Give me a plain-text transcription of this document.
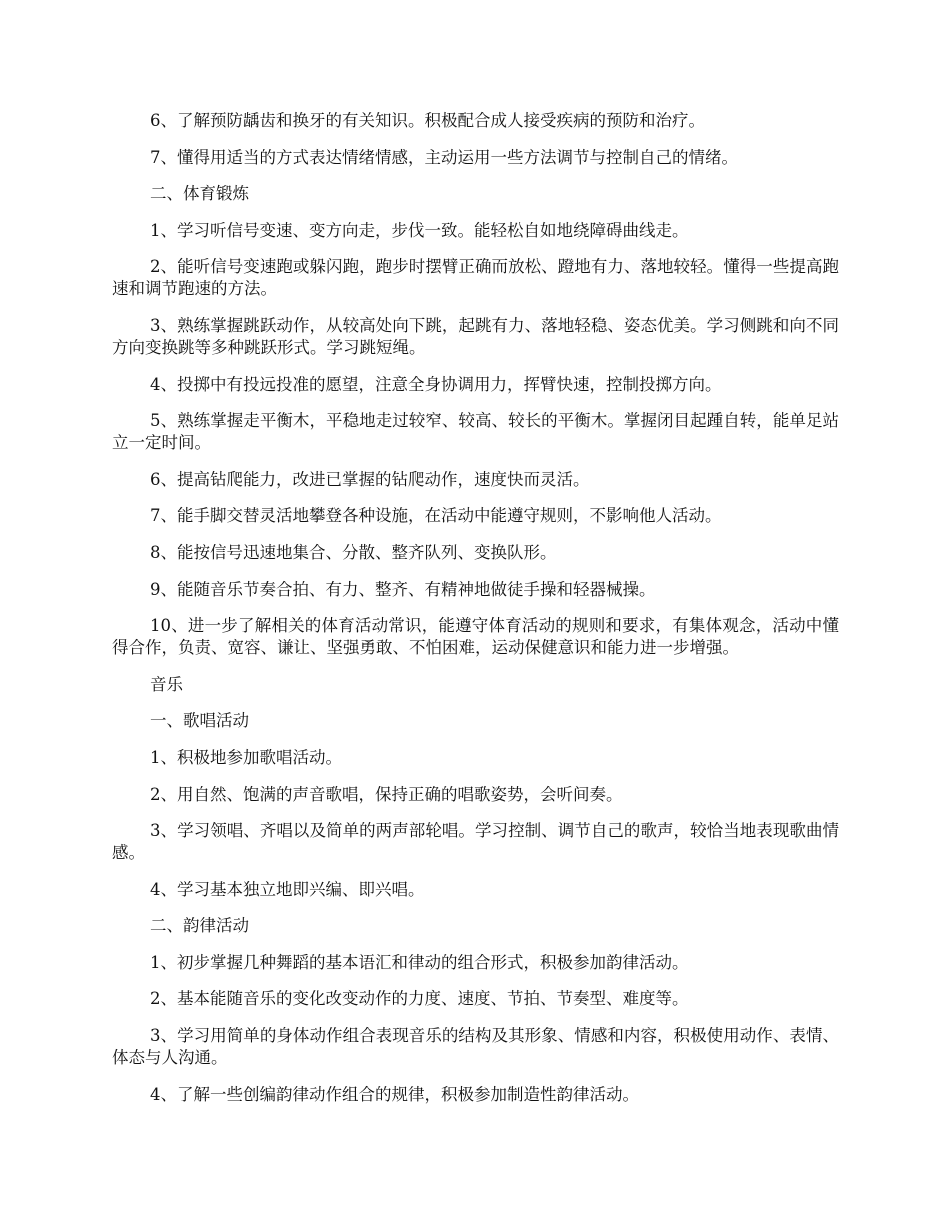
6、了解预防龋齿和换牙的有关知识。积极配合成人接受疾病的预防和治疗。

7、懂得用适当的方式表达情绪情感，主动运用一些方法调节与控制自己的情绪。

二、体育锻炼

1、学习听信号变速、变方向走，步伐一致。能轻松自如地绕障碍曲线走。

2、能听信号变速跑或躲闪跑，跑步时摆臂正确而放松、蹬地有力、落地较轻。懂得一些提高跑速和调节跑速的方法。

3、熟练掌握跳跃动作，从较高处向下跳，起跳有力、落地轻稳、姿态优美。学习侧跳和向不同方向变换跳等多种跳跃形式。学习跳短绳。

4、投掷中有投远投准的愿望，注意全身协调用力，挥臂快速，控制投掷方向。

5、熟练掌握走平衡木，平稳地走过较窄、较高、较长的平衡木。掌握闭目起踵自转，能单足站立一定时间。

6、提高钻爬能力，改进已掌握的钻爬动作，速度快而灵活。

7、能手脚交替灵活地攀登各种设施，在活动中能遵守规则，不影响他人活动。

8、能按信号迅速地集合、分散、整齐队列、变换队形。

9、能随音乐节奏合拍、有力、整齐、有精神地做徒手操和轻器械操。

10、进一步了解相关的体育活动常识，能遵守体育活动的规则和要求，有集体观念，活动中懂得合作，负责、宽容、谦让、坚强勇敢、不怕困难，运动保健意识和能力进一步增强。

音乐

一、歌唱活动

1、积极地参加歌唱活动。

2、用自然、饱满的声音歌唱，保持正确的唱歌姿势，会听间奏。

3、学习领唱、齐唱以及简单的两声部轮唱。学习控制、调节自己的歌声，较恰当地表现歌曲情感。

4、学习基本独立地即兴编、即兴唱。

二、韵律活动

1、初步掌握几种舞蹈的基本语汇和律动的组合形式，积极参加韵律活动。

2、基本能随音乐的变化改变动作的力度、速度、节拍、节奏型、难度等。

3、学习用简单的身体动作组合表现音乐的结构及其形象、情感和内容，积极使用动作、表情、体态与人沟通。

4、了解一些创编韵律动作组合的规律，积极参加制造性韵律活动。
